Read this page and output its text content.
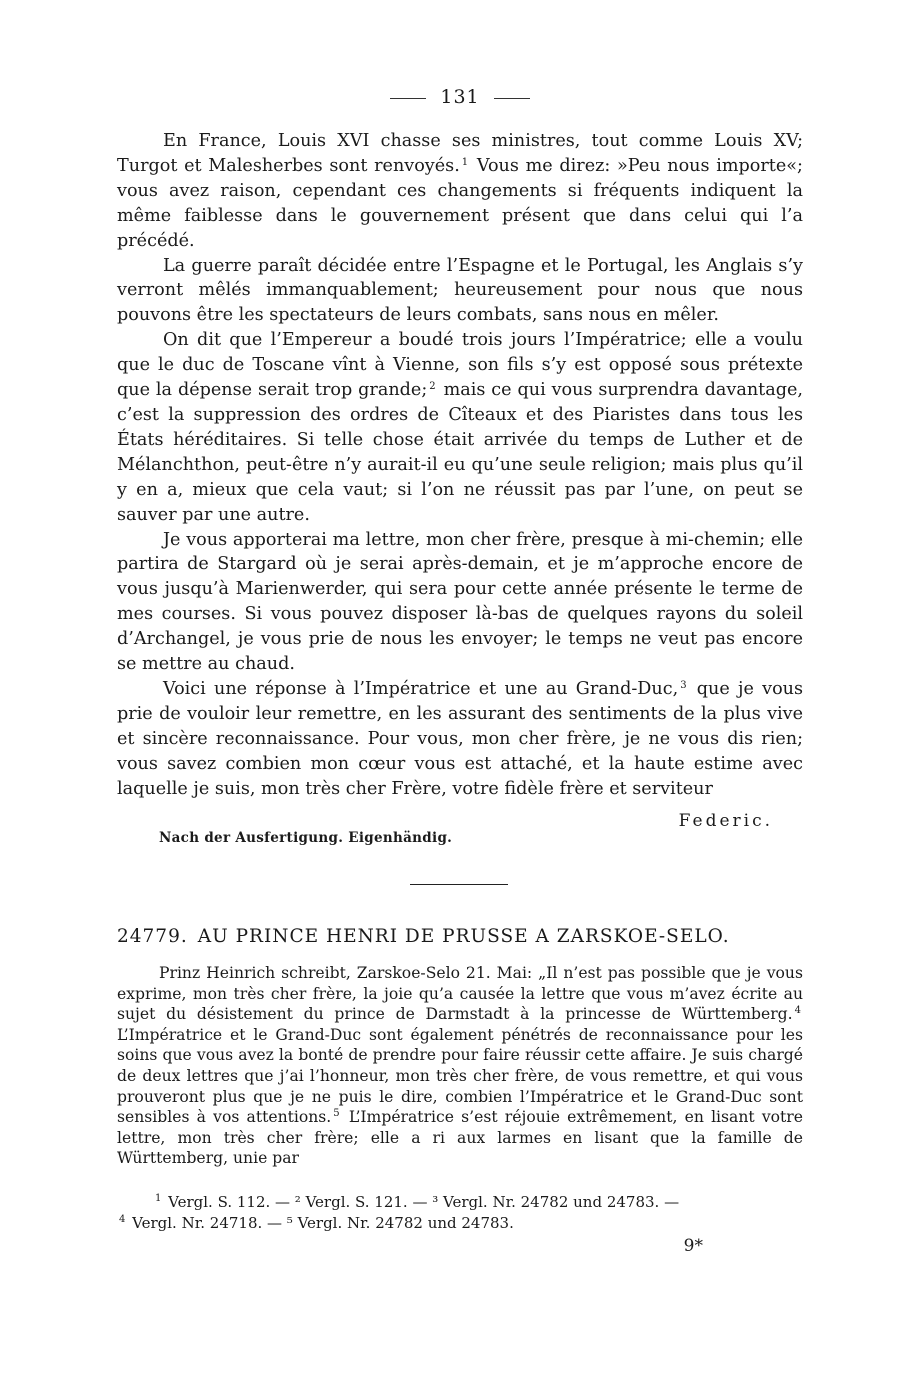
131

En France, Louis XVI chasse ses ministres, tout comme Louis XV; Turgot et Malesherbes sont renvoyés. $^1$ Vous me direz: »Peu nous importe«; vous avez raison, cependant ces changements si fréquents indiquent la même faiblesse dans le gouvernement présent que dans celui qui l’a précédé.

La guerre paraît décidée entre l’Espagne et le Portugal, les Anglais s’y verront mêlés immanquablement; heureusement pour nous que nous pouvons être les spectateurs de leurs combats, sans nous en mêler.

On dit que l’Empereur a boudé trois jours l’Impératrice; elle a voulu que le duc de Toscane vînt à Vienne, son fils s’y est opposé sous prétexte que la dépense serait trop grande; $^2$ mais ce qui vous surprendra davantage, c’est la suppression des ordres de Cîteaux et des Piaristes dans tous les États héréditaires. Si telle chose était arrivée du temps de Luther et de Mélanchthon, peut-être n’y aurait-il eu qu’une seule religion; mais plus qu’il y en a, mieux que cela vaut; si l’on ne réussit pas par l’une, on peut se sauver par une autre.

Je vous apporterai ma lettre, mon cher frère, presque à mi-chemin; elle partira de Stargard où je serai après-demain, et je m’approche encore de vous jusqu’à Marienwerder, qui sera pour cette année présente le terme de mes courses. Si vous pouvez disposer là-bas de quelques rayons du soleil d’Archangel, je vous prie de nous les envoyer; le temps ne veut pas encore se mettre au chaud.

Voici une réponse à l’Impératrice et une au Grand-Duc, $^3$ que je vous prie de vouloir leur remettre, en les assurant des sentiments de la plus vive et sincère reconnaissance. Pour vous, mon cher frère, je ne vous dis rien; vous savez combien mon cœur vous est attaché, et la haute estime avec laquelle je suis, mon très cher Frère, votre fidèle frère et serviteur

Federic.
Nach der Ausfertigung. Eigenhändig.
24779. AU PRINCE HENRI DE PRUSSE A ZARSKOE-SELO.

Prinz Heinrich schreibt, Zarskoe-Selo 21. Mai: „Il n’est pas possible que je vous exprime, mon très cher frère, la joie qu’a causée la lettre que vous m’avez écrite au sujet du désistement du prince de Darmstadt à la princesse de Württemberg. $^4$ L’Impératrice et le Grand-Duc sont également pénétrés de reconnaissance pour les soins que vous avez la bonté de prendre pour faire réussir cette affaire. Je suis chargé de deux lettres que j’ai l’honneur, mon très cher frère, de vous remettre, et qui vous prouveront plus que je ne puis le dire, combien l’Impératrice et le Grand-Duc sont sensibles à vos attentions. $^5$ L’Impératrice s’est réjouie extrêmement, en lisant votre lettre, mon très cher frère; elle a ri aux larmes en lisant que la famille de Württemberg, unie par

$^1$ Vergl. S. 112. — ² Vergl. S. 121. — ³ Vergl. Nr. 24782 und 24783. —
$^4$ Vergl. Nr. 24718. — ⁵ Vergl. Nr. 24782 und 24783.
9*
